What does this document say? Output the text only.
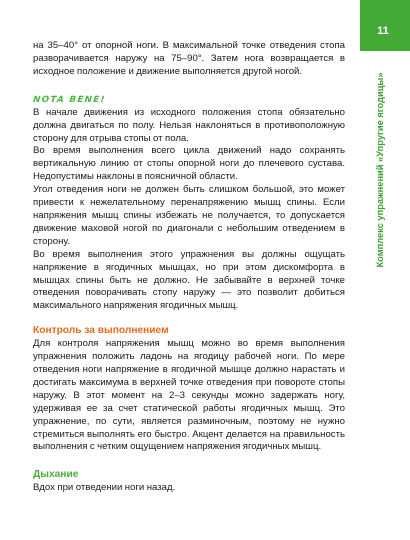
на 35–40° от опорной ноги. В максимальной точке отведения стопа разворачивается наружу на 75–90°. Затем нога возвращается в исходное положение и движение выполняется другой ногой.

NOTA BENE!

В начале движения из исходного положения стопа обязательно должна двигаться по полу. Нельзя наклоняться в противоположную сторону для отрыва стопы от пола.

Во время выполнения всего цикла движений надо сохранять вертикальную линию от стопы опорной ноги до плечевого сустава. Недопустимы наклоны в поясничной области.

Угол отведения ноги не должен быть слишком большой, это может привести к нежелательному перенапряжению мышц спины. Если напряжения мышц спины избежать не получается, то допускается движение маховой ногой по диагонали с небольшим отведением в сторону.

Во время выполнения этого упражнения вы должны ощущать напряжение в ягодичных мышцах, но при этом дискомфорта в мышцах спины быть не должно. Не забывайте в верхней точке отведения поворачивать стопу наружу — это позволит добиться максимального напряжения ягодичных мышц.

Контроль за выполнением

Для контроля напряжения мышц можно во время выполнения упражнения положить ладонь на ягодицу рабочей ноги. По мере отведения ноги напряжение в ягодичной мышце должно нарастать и достигать максимума в верхней точке отведения при повороте стопы наружу. В этот момент на 2–3 секунды можно задержать ногу, удерживая ее за счет статической работы ягодичных мышц. Это упражнение, по сути, является разминочным, поэтому не нужно стремиться выполнять его быстро. Акцент делается на правильность выполнения с четким ощущением напряжения ягодичных мышц.

Дыхание

Вдох при отведении ноги назад.

11
Комплекс упражнений «Упругие ягодицы»
